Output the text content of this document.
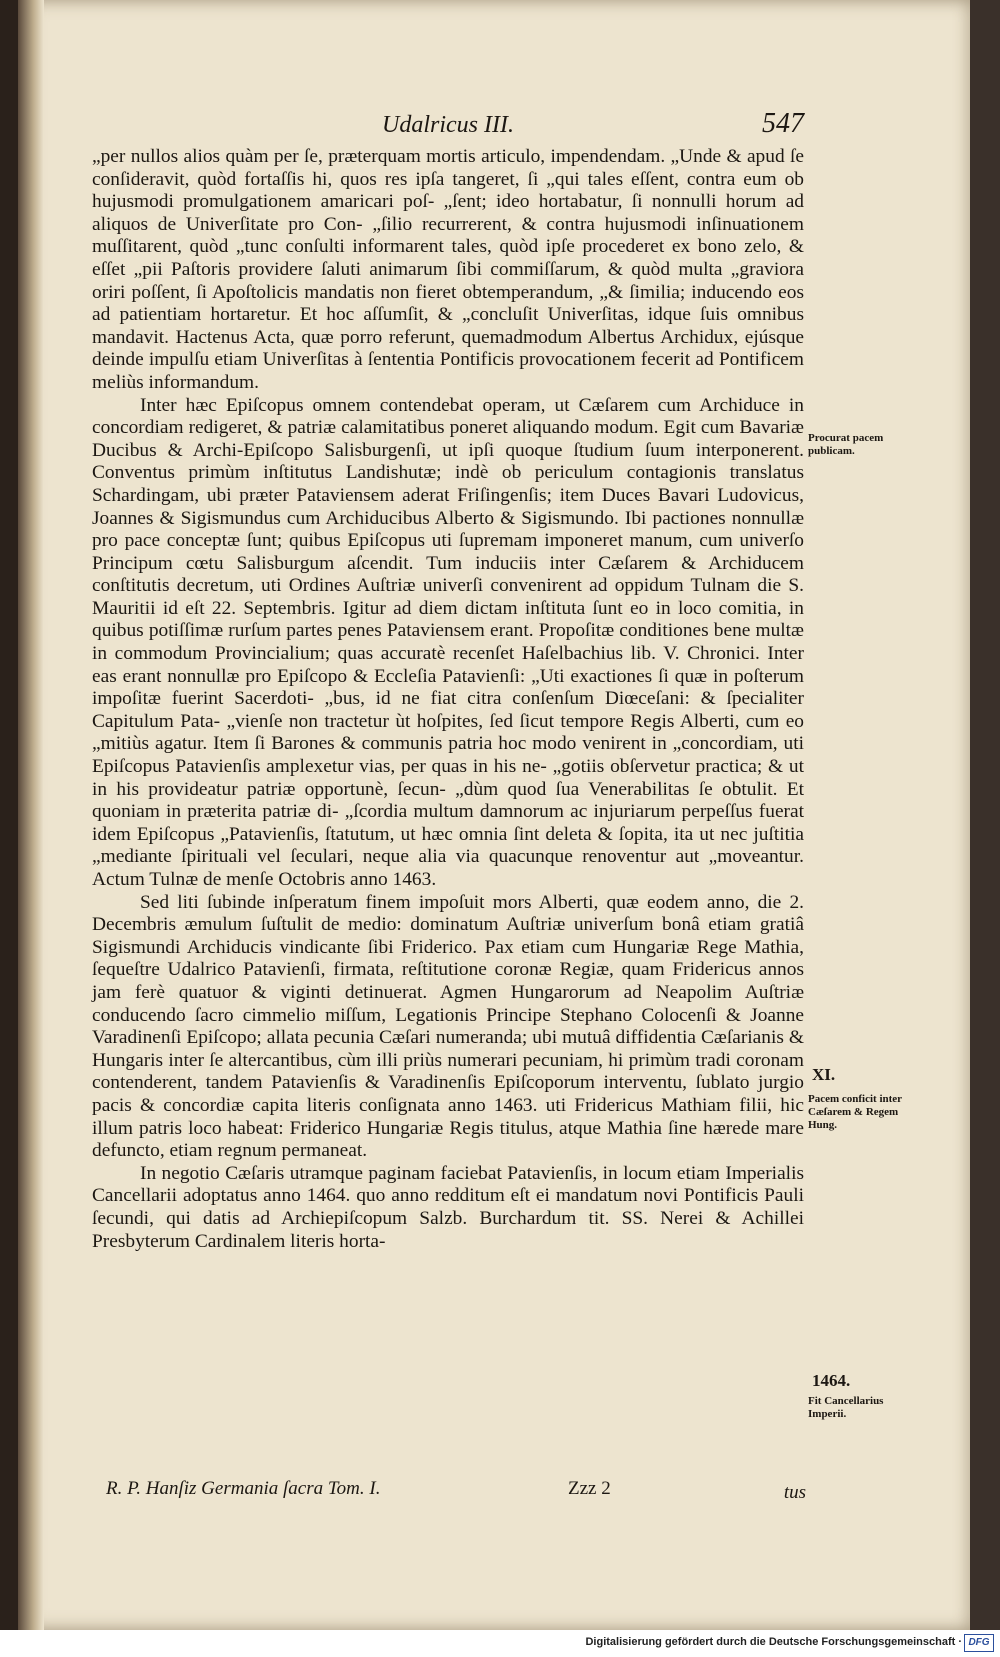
Udalricus III.	547

„per nullos alios quàm per ſe, præterquam mortis articulo, impendendam. „Unde & apud ſe conſideravit, quòd fortaſſis hi, quos res ipſa tangeret, ſi „qui tales eſſent, contra eum ob hujusmodi promulgationem amaricari poſ- „ſent; ideo hortabatur, ſi nonnulli horum ad aliquos de Univerſitate pro Con- „ſilio recurrerent, & contra hujusmodi inſinuationem muſſitarent, quòd „tunc conſulti informarent tales, quòd ipſe procederet ex bono zelo, & eſſet „pii Paſtoris providere ſaluti animarum ſibi commiſſarum, & quòd multa „graviora oriri poſſent, ſi Apoſtolicis mandatis non fieret obtemperandum, „& ſimilia; inducendo eos ad patientiam hortaretur. Et hoc aſſumſit, & „concluſit Univerſitas, idque ſuis omnibus mandavit. Hactenus Acta, quæ porro referunt, quemadmodum Albertus Archidux, ejúsque deinde impulſu etiam Univerſitas à ſententia Pontificis provocationem fecerit ad Pontificem meliùs informandum.

Inter hæc Epiſcopus omnem contendebat operam, ut Cæſarem cum Archiduce in concordiam redigeret, & patriæ calamitatibus poneret aliquando modum. Egit cum Bavariæ Ducibus & Archi-Epiſcopo Salisburgenſi, ut ipſi quoque ſtudium ſuum interponerent. Conventus primùm inſtitutus Landishutæ; indè ob periculum contagionis translatus Schardingam, ubi præter Pataviensem aderat Friſingenſis; item Duces Bavari Ludovicus, Joannes & Sigismundus cum Archiducibus Alberto & Sigismundo. Ibi pactiones nonnullæ pro pace conceptæ ſunt; quibus Epiſcopus uti ſupremam imponeret manum, cum univerſo Principum cœtu Salisburgum aſcendit. Tum induciis inter Cæſarem & Archiducem conſtitutis decretum, uti Ordines Auſtriæ univerſi convenirent ad oppidum Tulnam die S. Mauritii id eſt 22. Septembris. Igitur ad diem dictam inſtituta ſunt eo in loco comitia, in quibus potiſſimæ rurſum partes penes Pataviensem erant. Propoſitæ conditiones bene multæ in commodum Provincialium; quas accuratè recenſet Haſelbachius lib. V. Chronici. Inter eas erant nonnullæ pro Epiſcopo & Eccleſia Patavienſi: „Uti exactiones ſi quæ in poſterum impoſitæ fuerint Sacerdoti- „bus, id ne fiat citra conſenſum Diœceſani: & ſpecialiter Capitulum Pata- „vienſe non tractetur ùt hoſpites, ſed ſicut tempore Regis Alberti, cum eo „mitiùs agatur. Item ſi Barones & communis patria hoc modo venirent in „concordiam, uti Epiſcopus Patavienſis amplexetur vias, per quas in his ne- „gotiis obſervetur practica; & ut in his provideatur patriæ opportunè, ſecun- „dùm quod ſua Venerabilitas ſe obtulit. Et quoniam in præterita patriæ di- „ſcordia multum damnorum ac injuriarum perpeſſus fuerat idem Epiſcopus „Patavienſis, ſtatutum, ut hæc omnia ſint deleta & ſopita, ita ut nec juſtitia „mediante ſpirituali vel ſeculari, neque alia via quacunque renoventur aut „moveantur. Actum Tulnæ de menſe Octobris anno 1463.

Sed liti ſubinde inſperatum finem impoſuit mors Alberti, quæ eodem anno, die 2. Decembris æmulum ſuſtulit de medio: dominatum Auſtriæ univerſum bonâ etiam gratiâ Sigismundi Archiducis vindicante ſibi Friderico. Pax etiam cum Hungariæ Rege Mathia, ſequeſtre Udalrico Patavienſi, firmata, reſtitutione coronæ Regiæ, quam Fridericus annos jam ferè quatuor & viginti detinuerat. Agmen Hungarorum ad Neapolim Auſtriæ conducendo ſacro cimmelio miſſum, Legationis Principe Stephano Colocenſi & Joanne Varadinenſi Epiſcopo; allata pecunia Cæſari numeranda; ubi mutuâ diffidentia Cæſarianis & Hungaris inter ſe altercantibus, cùm illi priùs numerari pecuniam, hi primùm tradi coronam contenderent, tandem Patavienſis & Varadinenſis Epiſcoporum interventu, ſublato jurgio pacis & concordiæ capita literis conſignata anno 1463. uti Fridericus Mathiam filii, hic illum patris loco habeat: Friderico Hungariæ Regis titulus, atque Mathia ſine hærede mare defuncto, etiam regnum permaneat.

In negotio Cæſaris utramque paginam faciebat Patavienſis, in locum etiam Imperialis Cancellarii adoptatus anno 1464. quo anno redditum eſt ei mandatum novi Pontificis Pauli ſecundi, qui datis ad Archiepiſcopum Salzb. Burchardum tit. SS. Nerei & Achillei Presbyterum Cardinalem literis horta-

Procurat pacem publicam.
XI.
Pacem conficit inter Cæſarem & Regem Hung.
1464.
Fit Cancellarius Imperii.
R. P. Hanſiz Germania ſacra Tom. I.	Zzz 2	tus
Digitalisierung gefördert durch die Deutsche Forschungsgemeinschaft · DFG
